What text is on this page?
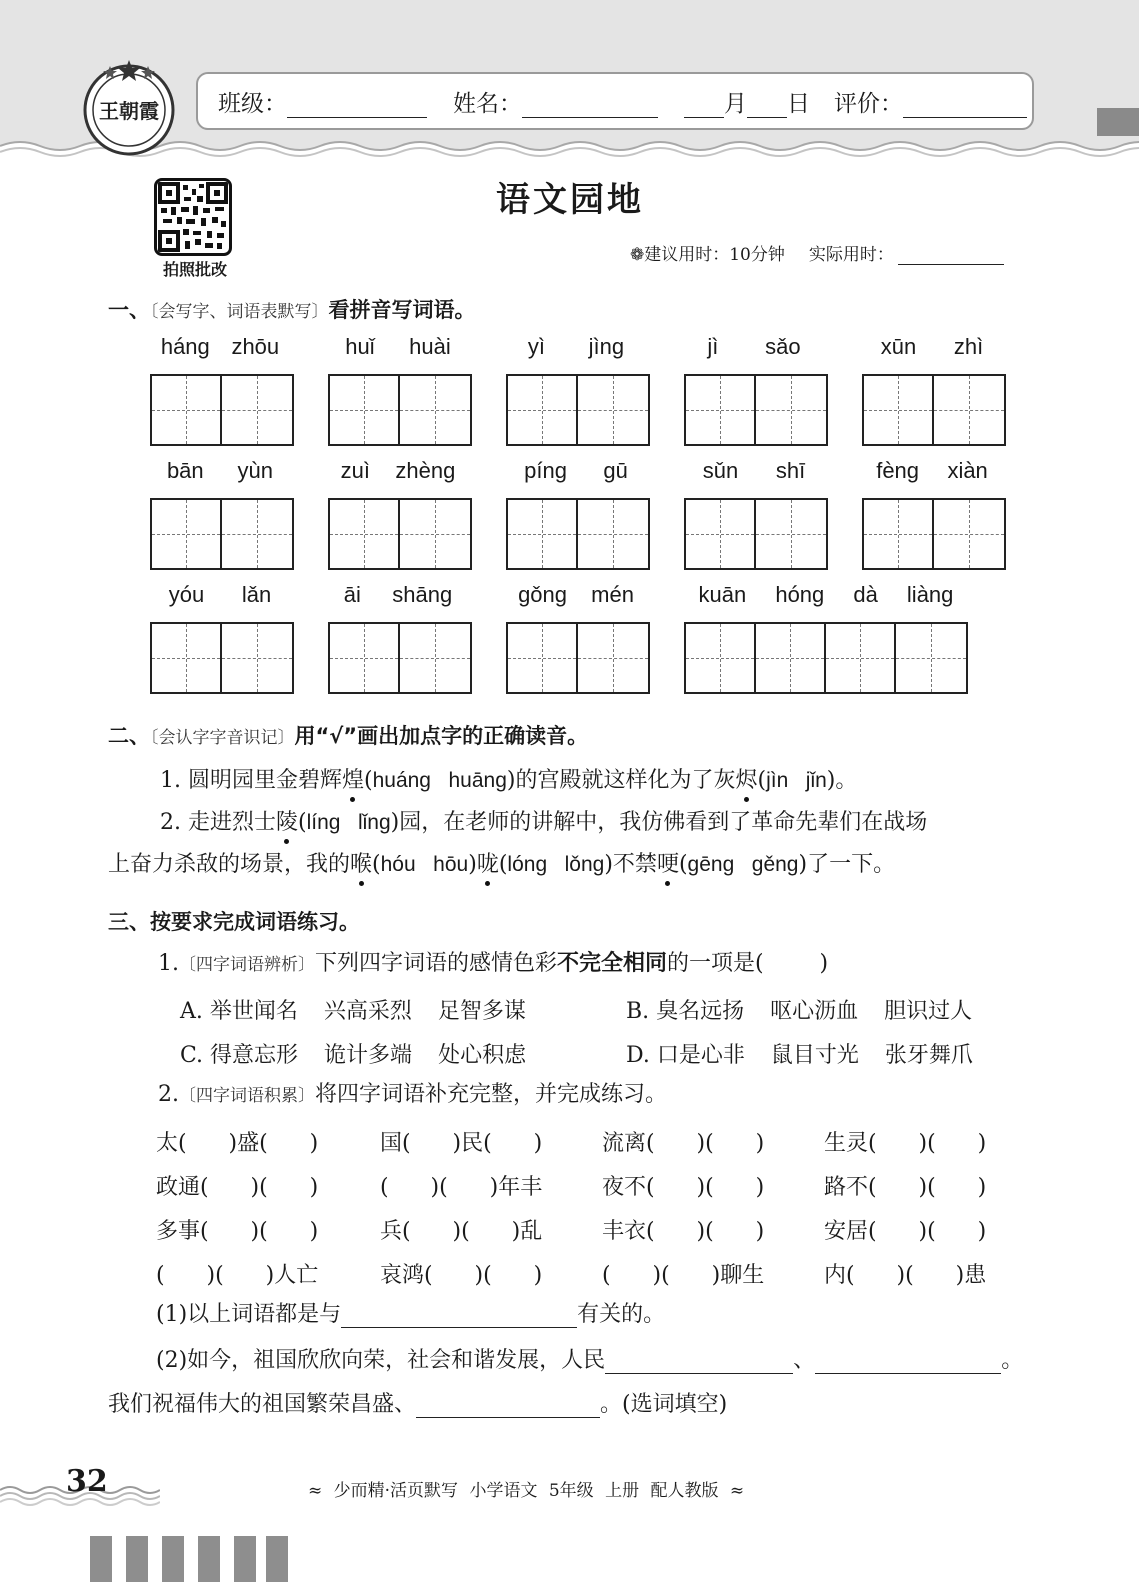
王朝霞	班级：	姓名：	月 日 评价：
拍照批改
语文园地
❁建议用时：10分钟 实际用时：
一、〔会写字、词语表默写〕看拼音写词语。
háng zhōu	huǐ huài	yì jìng	jì sǎo	xūn zhì
bān yùn	zuì zhèng	píng gū	sǔn shī	fèng xiàn
yóu lǎn	āi shāng	gǒng mén	kuān hóng dà liàng
二、〔会认字字音识记〕用“√”画出加点字的正确读音。
1. 圆明园里金碧辉煌(huáng   huāng)的宫殿就这样化为了灰烬(jìn   jǐn)。
2. 走进烈士陵(líng   lǐng)园，在老师的讲解中，我仿佛看到了革命先辈们在战场
上奋力杀敌的场景，我的喉(hóu   hōu)咙(lóng   lǒng)不禁哽(gēng   gěng)了一下。
三、按要求完成词语练习。
1.〔四字词语辨析〕下列四字词语的感情色彩不完全相同的一项是(        )
A. 举世闻名 兴高采烈 足智多谋	B. 臭名远扬 呕心沥血 胆识过人
C. 得意忘形 诡计多端 处心积虑	D. 口是心非 鼠目寸光 张牙舞爪
2.〔四字词语积累〕将四字词语补充完整，并完成练习。
太(      )盛(      )	国(      )民(      )	流离(      )(      )	生灵(      )(      )
政通(      )(      )	(      )(      )年丰	夜不(      )(      )	路不(      )(      )
多事(      )(      )	兵(      )(      )乱	丰衣(      )(      )	安居(      )(      )
(      )(      )人亡	哀鸿(      )(      )	(      )(      )聊生	内(      )(      )患
(1)以上词语都是与	有关的。
(2)如今，祖国欣欣向荣，社会和谐发展，人民	、	。
我们祝福伟大的祖国繁荣昌盛、	。(选词填空)
32	≈ 少而精·活页默写 小学语文 5年级 上册 配人教版 ≈
